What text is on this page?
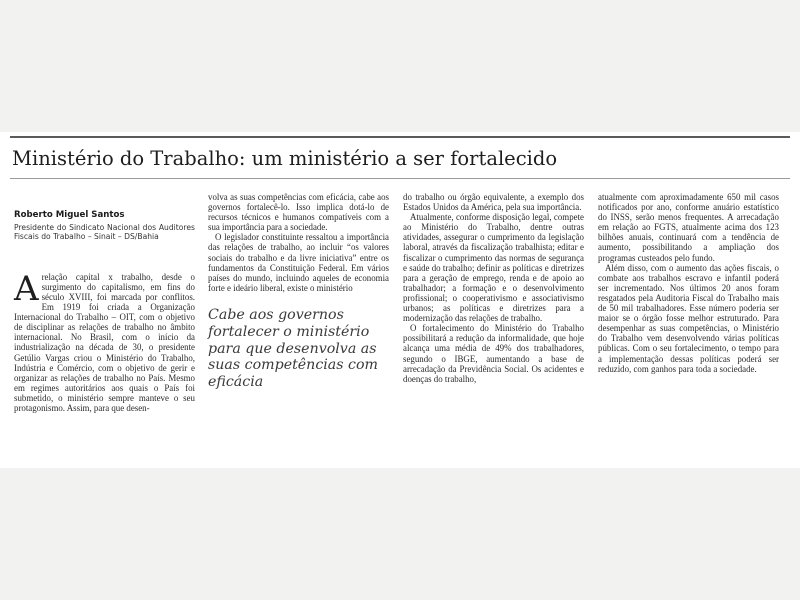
Ministério do Trabalho: um ministério a ser fortalecido
Roberto Miguel Santos
Presidente do Sindicato Nacional dos Auditores Fiscais do Trabalho – Sinait – DS/Bahia

Arelação capital x trabalho, desde o surgimento do capitalismo, em fins do século XVIII, foi marcada por conflitos. Em 1919 foi criada a Organização Internacional do Trabalho – OIT, com o objetivo de disciplinar as relações de trabalho no âmbito internacional. No Brasil, com o início da industrialização na década de 30, o presidente Getúlio Vargas criou o Ministério do Trabalho, Indústria e Comércio, com o objetivo de gerir e organizar as relações de trabalho no País. Mesmo em regimes autoritários aos quais o País foi submetido, o ministério sempre manteve o seu protagonismo. Assim, para que desen-

volva as suas competências com eficácia, cabe aos governos fortalecê-lo. Isso implica dotá-lo de recursos técnicos e humanos compatíveis com a sua importância para a sociedade.

O legislador constituinte ressaltou a importância das relações de trabalho, ao incluir “os valores sociais do trabalho e da livre iniciativa” entre os fundamentos da Constituição Federal. Em vários países do mundo, incluindo aqueles de economia forte e ideário liberal, existe o ministério

Cabe aos governos fortalecer o ministério para que desenvolva as suas competências com eficácia

do trabalho ou órgão equivalente, a exemplo dos Estados Unidos da América, pela sua importância.

Atualmente, conforme disposição legal, compete ao Ministério do Trabalho, dentre outras atividades, assegurar o cumprimento da legislação laboral, através da fiscalização trabalhista; editar e fiscalizar o cumprimento das normas de segurança e saúde do trabalho; definir as políticas e diretrizes para a geração de emprego, renda e de apoio ao trabalhador; a formação e o desenvolvimento profissional; o cooperativismo e associativismo urbanos; as políticas e diretrizes para a modernização das relações de trabalho.

O fortalecimento do Ministério do Trabalho possibilitará a redução da informalidade, que hoje alcança uma média de 49% dos trabalhadores, segundo o IBGE, aumentando a base de arrecadação da Previdência Social. Os acidentes e doenças do trabalho,

atualmente com aproximadamente 650 mil casos notificados por ano, conforme anuário estatístico do INSS, serão menos frequentes. A arrecadação em relação ao FGTS, atualmente acima dos 123 bilhões anuais, continuará com a tendência de aumento, possibilitando a ampliação dos programas custeados pelo fundo.

Além disso, com o aumento das ações fiscais, o combate aos trabalhos escravo e infantil poderá ser incrementado. Nos últimos 20 anos foram resgatados pela Auditoria Fiscal do Trabalho mais de 50 mil trabalhadores. Esse número poderia ser maior se o órgão fosse melhor estruturado. Para desempenhar as suas competências, o Ministério do Trabalho vem desenvolvendo várias políticas públicas. Com o seu fortalecimento, o tempo para a implementação dessas políticas poderá ser reduzido, com ganhos para toda a sociedade.
